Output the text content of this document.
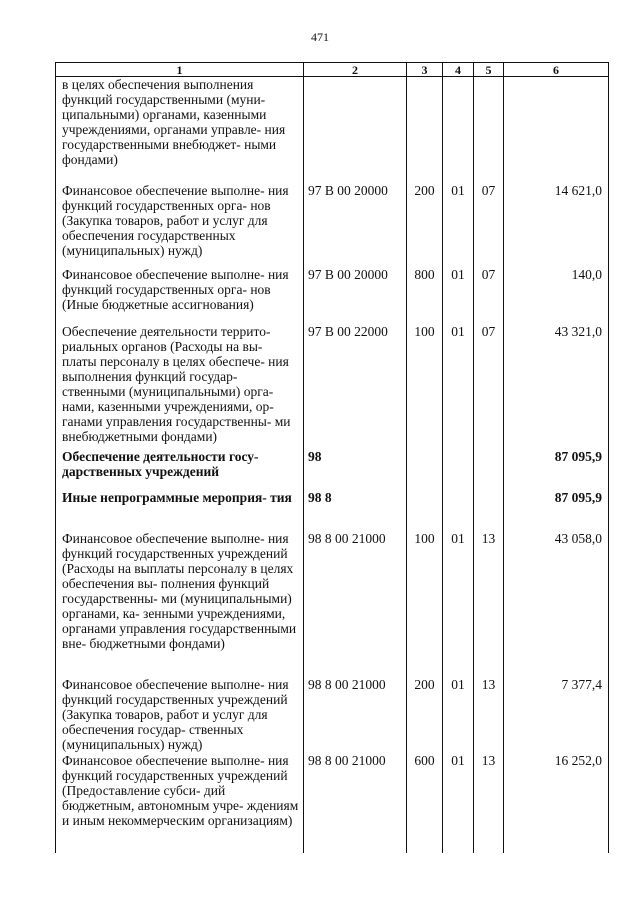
471
1	2	3	4	5	6
в целях обеспечения выполнения функций государственными (муни- ципальными) органами, казенными учреждениями, органами управле- ния государственными внебюджет- ными фондами)					
Финансовое обеспечение выполне- ния функций государственных орга- нов (Закупка товаров, работ и услуг для обеспечения государственных (муниципальных) нужд)	97 В 00 20000	200	01	07	14 621,0
Финансовое обеспечение выполне- ния функций государственных орга- нов (Иные бюджетные ассигнования)	97 В 00 20000	800	01	07	140,0
Обеспечение деятельности террито- риальных органов (Расходы на вы- платы персоналу в целях обеспече- ния выполнения функций государ- ственными (муниципальными) орга- нами, казенными учреждениями, ор- ганами управления государственны- ми внебюджетными фондами)	97 В 00 22000	100	01	07	43 321,0
Обеспечение деятельности госу- дарственных учреждений	98				87 095,9
Иные непрограммные мероприя- тия	98 8				87 095,9
Финансовое обеспечение выполне- ния функций государственных учреждений (Расходы на выплаты персоналу в целях обеспечения вы- полнения функций государственны- ми (муниципальными) органами, ка- зенными учреждениями, органами управления государственными вне- бюджетными фондами)	98 8 00 21000	100	01	13	43 058,0
Финансовое обеспечение выполне- ния функций государственных учреждений (Закупка товаров, работ и услуг для обеспечения государ- ственных (муниципальных) нужд)	98 8 00 21000	200	01	13	7 377,4
Финансовое обеспечение выполне- ния функций государственных учреждений (Предоставление субси- дий бюджетным, автономным учре- ждениям и иным некоммерческим организациям)	98 8 00 21000	600	01	13	16 252,0
